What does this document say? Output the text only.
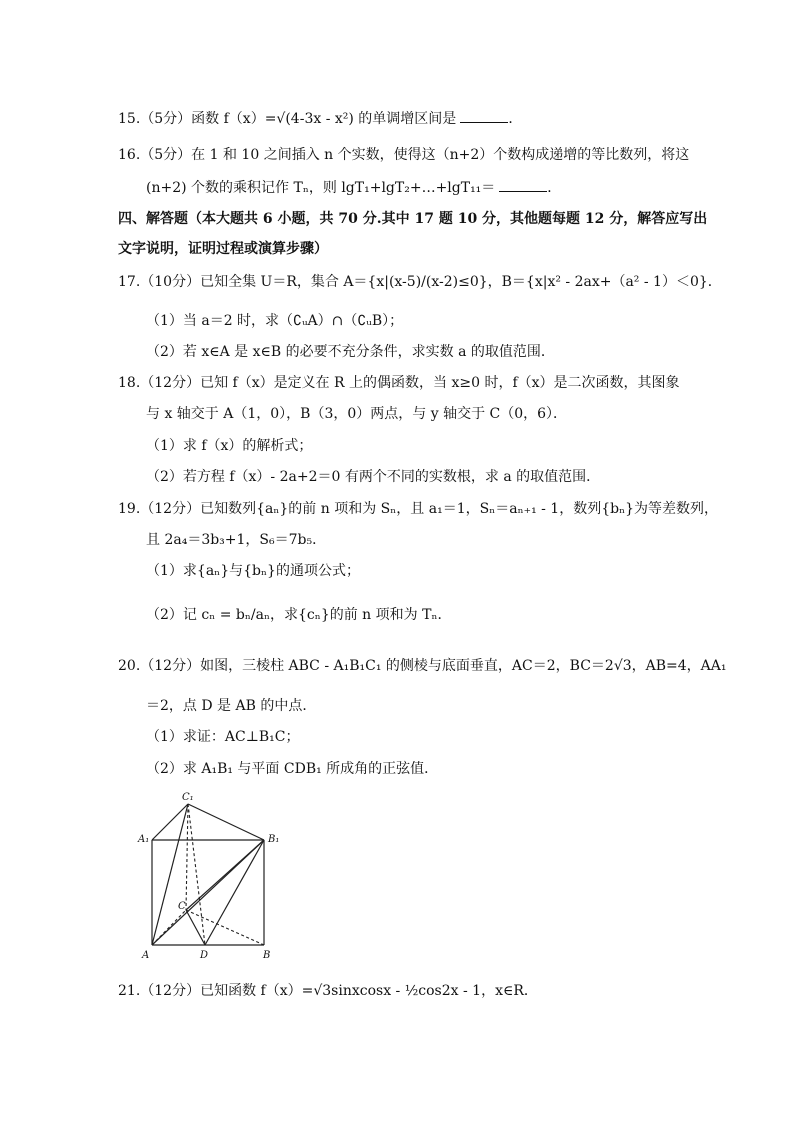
15.（5分）函数 f（x）=√(4-3x - x²) 的单调增区间是	．
16.（5分）在 1 和 10 之间插入 n 个实数，使得这（n+2）个数构成递增的等比数列，将这
(n+2) 个数的乘积记作 Tₙ，则 lgT₁+lgT₂+…+lgT₁₁＝	．
四、解答题（本大题共 6 小题，共 70 分.其中 17 题 10 分，其他题每题 12 分，解答应写出
文字说明，证明过程或演算步骤）
17.（10分）已知全集 U＝R，集合 A＝{x|(x-5)/(x-2)≤0}，B＝{x|x² - 2ax+（a² - 1）＜0}．
（1）当 a＝2 时，求（∁ᵤA）∩（∁ᵤB）；
（2）若 x∈A 是 x∈B 的必要不充分条件，求实数 a 的取值范围．
18.（12分）已知 f（x）是定义在 R 上的偶函数，当 x≥0 时，f（x）是二次函数，其图象
与 x 轴交于 A（1，0），B（3，0）两点，与 y 轴交于 C（0，6）．
（1）求 f（x）的解析式；
（2）若方程 f（x）- 2a+2＝0 有两个不同的实数根，求 a 的取值范围．
19.（12分）已知数列{aₙ}的前 n 项和为 Sₙ，且 a₁＝1，Sₙ＝aₙ₊₁ - 1，数列{bₙ}为等差数列，
且 2a₄＝3b₃+1，S₆＝7b₅．
（1）求{aₙ}与{bₙ}的通项公式；
（2）记 cₙ = bₙ/aₙ，求{cₙ}的前 n 项和为 Tₙ．
20.（12分）如图，三棱柱 ABC - A₁B₁C₁ 的侧棱与底面垂直，AC＝2，BC＝2√3，AB=4，AA₁
＝2，点 D 是 AB 的中点．
（1）求证：AC⊥B₁C；
（2）求 A₁B₁ 与平面 CDB₁ 所成角的正弦值．
C₁
A₁	B₁
C
A	D	B
21.（12分）已知函数 f（x）=√3sinxcosx - ½cos2x - 1，x∈R．
